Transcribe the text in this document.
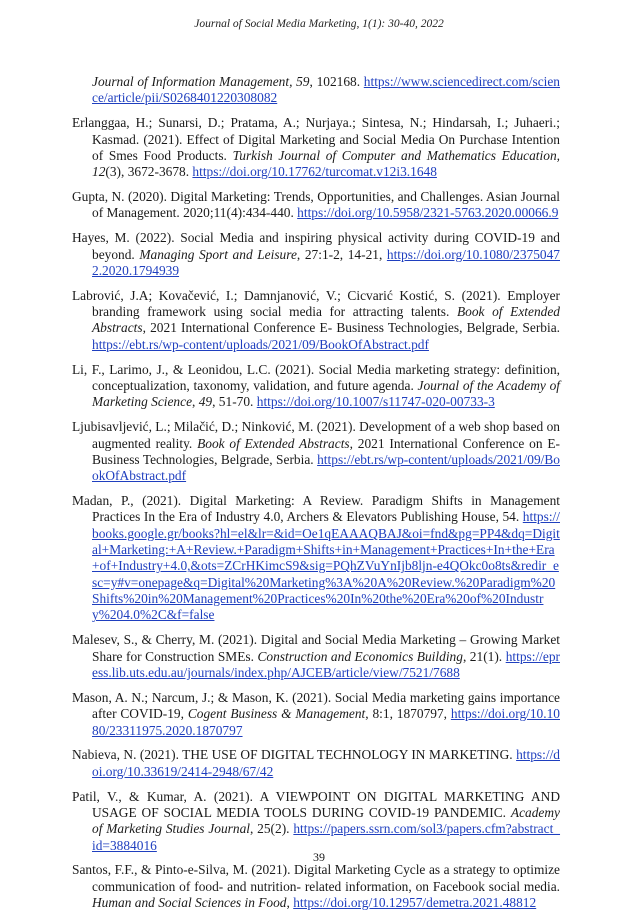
Journal of Social Media Marketing, 1(1): 30-40, 2022

Journal of Information Management, 59, 102168. https://www.sciencedirect.com/science/article/pii/S0268401220308082

Erlanggaa, H.; Sunarsi, D.; Pratama, A.; Nurjaya.; Sintesa, N.; Hindarsah, I.; Juhaeri.; Kasmad. (2021). Effect of Digital Marketing and Social Media On Purchase Intention of Smes Food Products. Turkish Journal of Computer and Mathematics Education, 12(3), 3672-3678. https://doi.org/10.17762/turcomat.v12i3.1648

Gupta, N. (2020). Digital Marketing: Trends, Opportunities, and Challenges. Asian Journal of Management. 2020;11(4):434-440. https://doi.org/10.5958/2321-5763.2020.00066.9

Hayes, M. (2022). Social Media and inspiring physical activity during COVID-19 and beyond. Managing Sport and Leisure, 27:1-2, 14-21, https://doi.org/10.1080/23750472.2020.1794939

Labrović, J.A; Kovačević, I.; Damnjanović, V.; Cicvarić Kostić, S. (2021). Employer branding framework using social media for attracting talents. Book of Extended Abstracts, 2021 International Conference E- Business Technologies, Belgrade, Serbia. https://ebt.rs/wp-content/uploads/2021/09/BookOfAbstract.pdf

Li, F., Larimo, J., & Leonidou, L.C. (2021). Social Media marketing strategy: definition, conceptualization, taxonomy, validation, and future agenda. Journal of the Academy of Marketing Science, 49, 51-70. https://doi.org/10.1007/s11747-020-00733-3

Ljubisavljević, L.; Milačić, D.; Ninković, M. (2021). Development of a web shop based on augmented reality. Book of Extended Abstracts, 2021 International Conference on E-Business Technologies, Belgrade, Serbia. https://ebt.rs/wp-content/uploads/2021/09/BookOfAbstract.pdf

Madan, P., (2021). Digital Marketing: A Review. Paradigm Shifts in Management Practices In the Era of Industry 4.0, Archers & Elevators Publishing House, 54. https://books.google.gr/books?hl=el&lr=&id=Oe1qEAAAQBAJ&oi=fnd&pg=PP4&dq=Digital+Marketing:+A+Review.+Paradigm+Shifts+in+Management+Practices+In+the+Era+of+Industry+4.0,&ots=ZCrHKimcS9&sig=PQhZVuYnIjb8ljn-e4QOkc0o8ts&redir_esc=y#v=onepage&q=Digital%20Marketing%3A%20A%20Review.%20Paradigm%20Shifts%20in%20Management%20Practices%20In%20the%20Era%20of%20Industry%204.0%2C&f=false

Malesev, S., & Cherry, M. (2021). Digital and Social Media Marketing – Growing Market Share for Construction SMEs. Construction and Economics Building, 21(1). https://epress.lib.uts.edu.au/journals/index.php/AJCEB/article/view/7521/7688

Mason, A. N.; Narcum, J.; & Mason, K. (2021). Social Media marketing gains importance after COVID-19, Cogent Business & Management, 8:1, 1870797, https://doi.org/10.1080/23311975.2020.1870797

Nabieva, N. (2021). THE USE OF DIGITAL TECHNOLOGY IN MARKETING. https://doi.org/10.33619/2414-2948/67/42

Patil, V., & Kumar, A. (2021). A VIEWPOINT ON DIGITAL MARKETING AND USAGE OF SOCIAL MEDIA TOOLS DURING COVID-19 PANDEMIC. Academy of Marketing Studies Journal, 25(2). https://papers.ssrn.com/sol3/papers.cfm?abstract_id=3884016

Santos, F.F., & Pinto-e-Silva, M. (2021). Digital Marketing Cycle as a strategy to optimize communication of food- and nutrition- related information, on Facebook social media. Human and Social Sciences in Food, https://doi.org/10.12957/demetra.2021.48812

39
